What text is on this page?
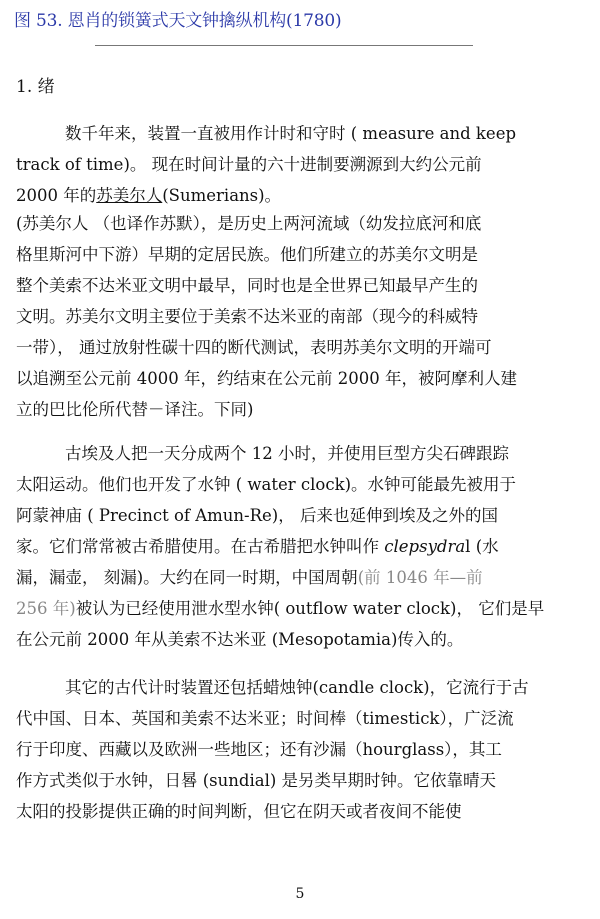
图 53. 恩肖的锁簧式天文钟擒纵机构(1780)
1. 绪
数千年来，装置一直被用作计时和守时 ( measure and keep
track of time)。 现在时间计量的六十进制要溯源到大约公元前
2000 年的苏美尔人(Sumerians)。
(苏美尔人 （也译作苏默），是历史上两河流域（幼发拉底河和底
格里斯河中下游）早期的定居民族。他们所建立的苏美尔文明是
整个美索不达米亚文明中最早，同时也是全世界已知最早产生的
文明。苏美尔文明主要位于美索不达米亚的南部（现今的科威特
一带）， 通过放射性碳十四的断代测试，表明苏美尔文明的开端可
以追溯至公元前 4000 年，约结束在公元前 2000 年，被阿摩利人建
立的巴比伦所代替－译注。下同)
古埃及人把一天分成两个 12 小时，并使用巨型方尖石碑跟踪
太阳运动。他们也开发了水钟 ( water clock)。水钟可能最先被用于
阿蒙神庙 ( Precinct of Amun-Re)， 后来也延伸到埃及之外的国
家。它们常常被古希腊使用。在古希腊把水钟叫作 clepsydral (水
漏，漏壶， 刻漏)。大约在同一时期，中国周朝(前 1046 年—前
256 年)被认为已经使用泄水型水钟( outflow water clock)， 它们是早
在公元前 2000 年从美索不达米亚 (Mesopotamia)传入的。
其它的古代计时装置还包括蜡烛钟(candle clock)，它流行于古
代中国、日本、英国和美索不达米亚；时间棒（timestick），广泛流
行于印度、西藏以及欧洲一些地区；还有沙漏（hourglass），其工
作方式类似于水钟，日晷 (sundial) 是另类早期时钟。它依靠晴天
太阳的投影提供正确的时间判断，但它在阴天或者夜间不能使
5
